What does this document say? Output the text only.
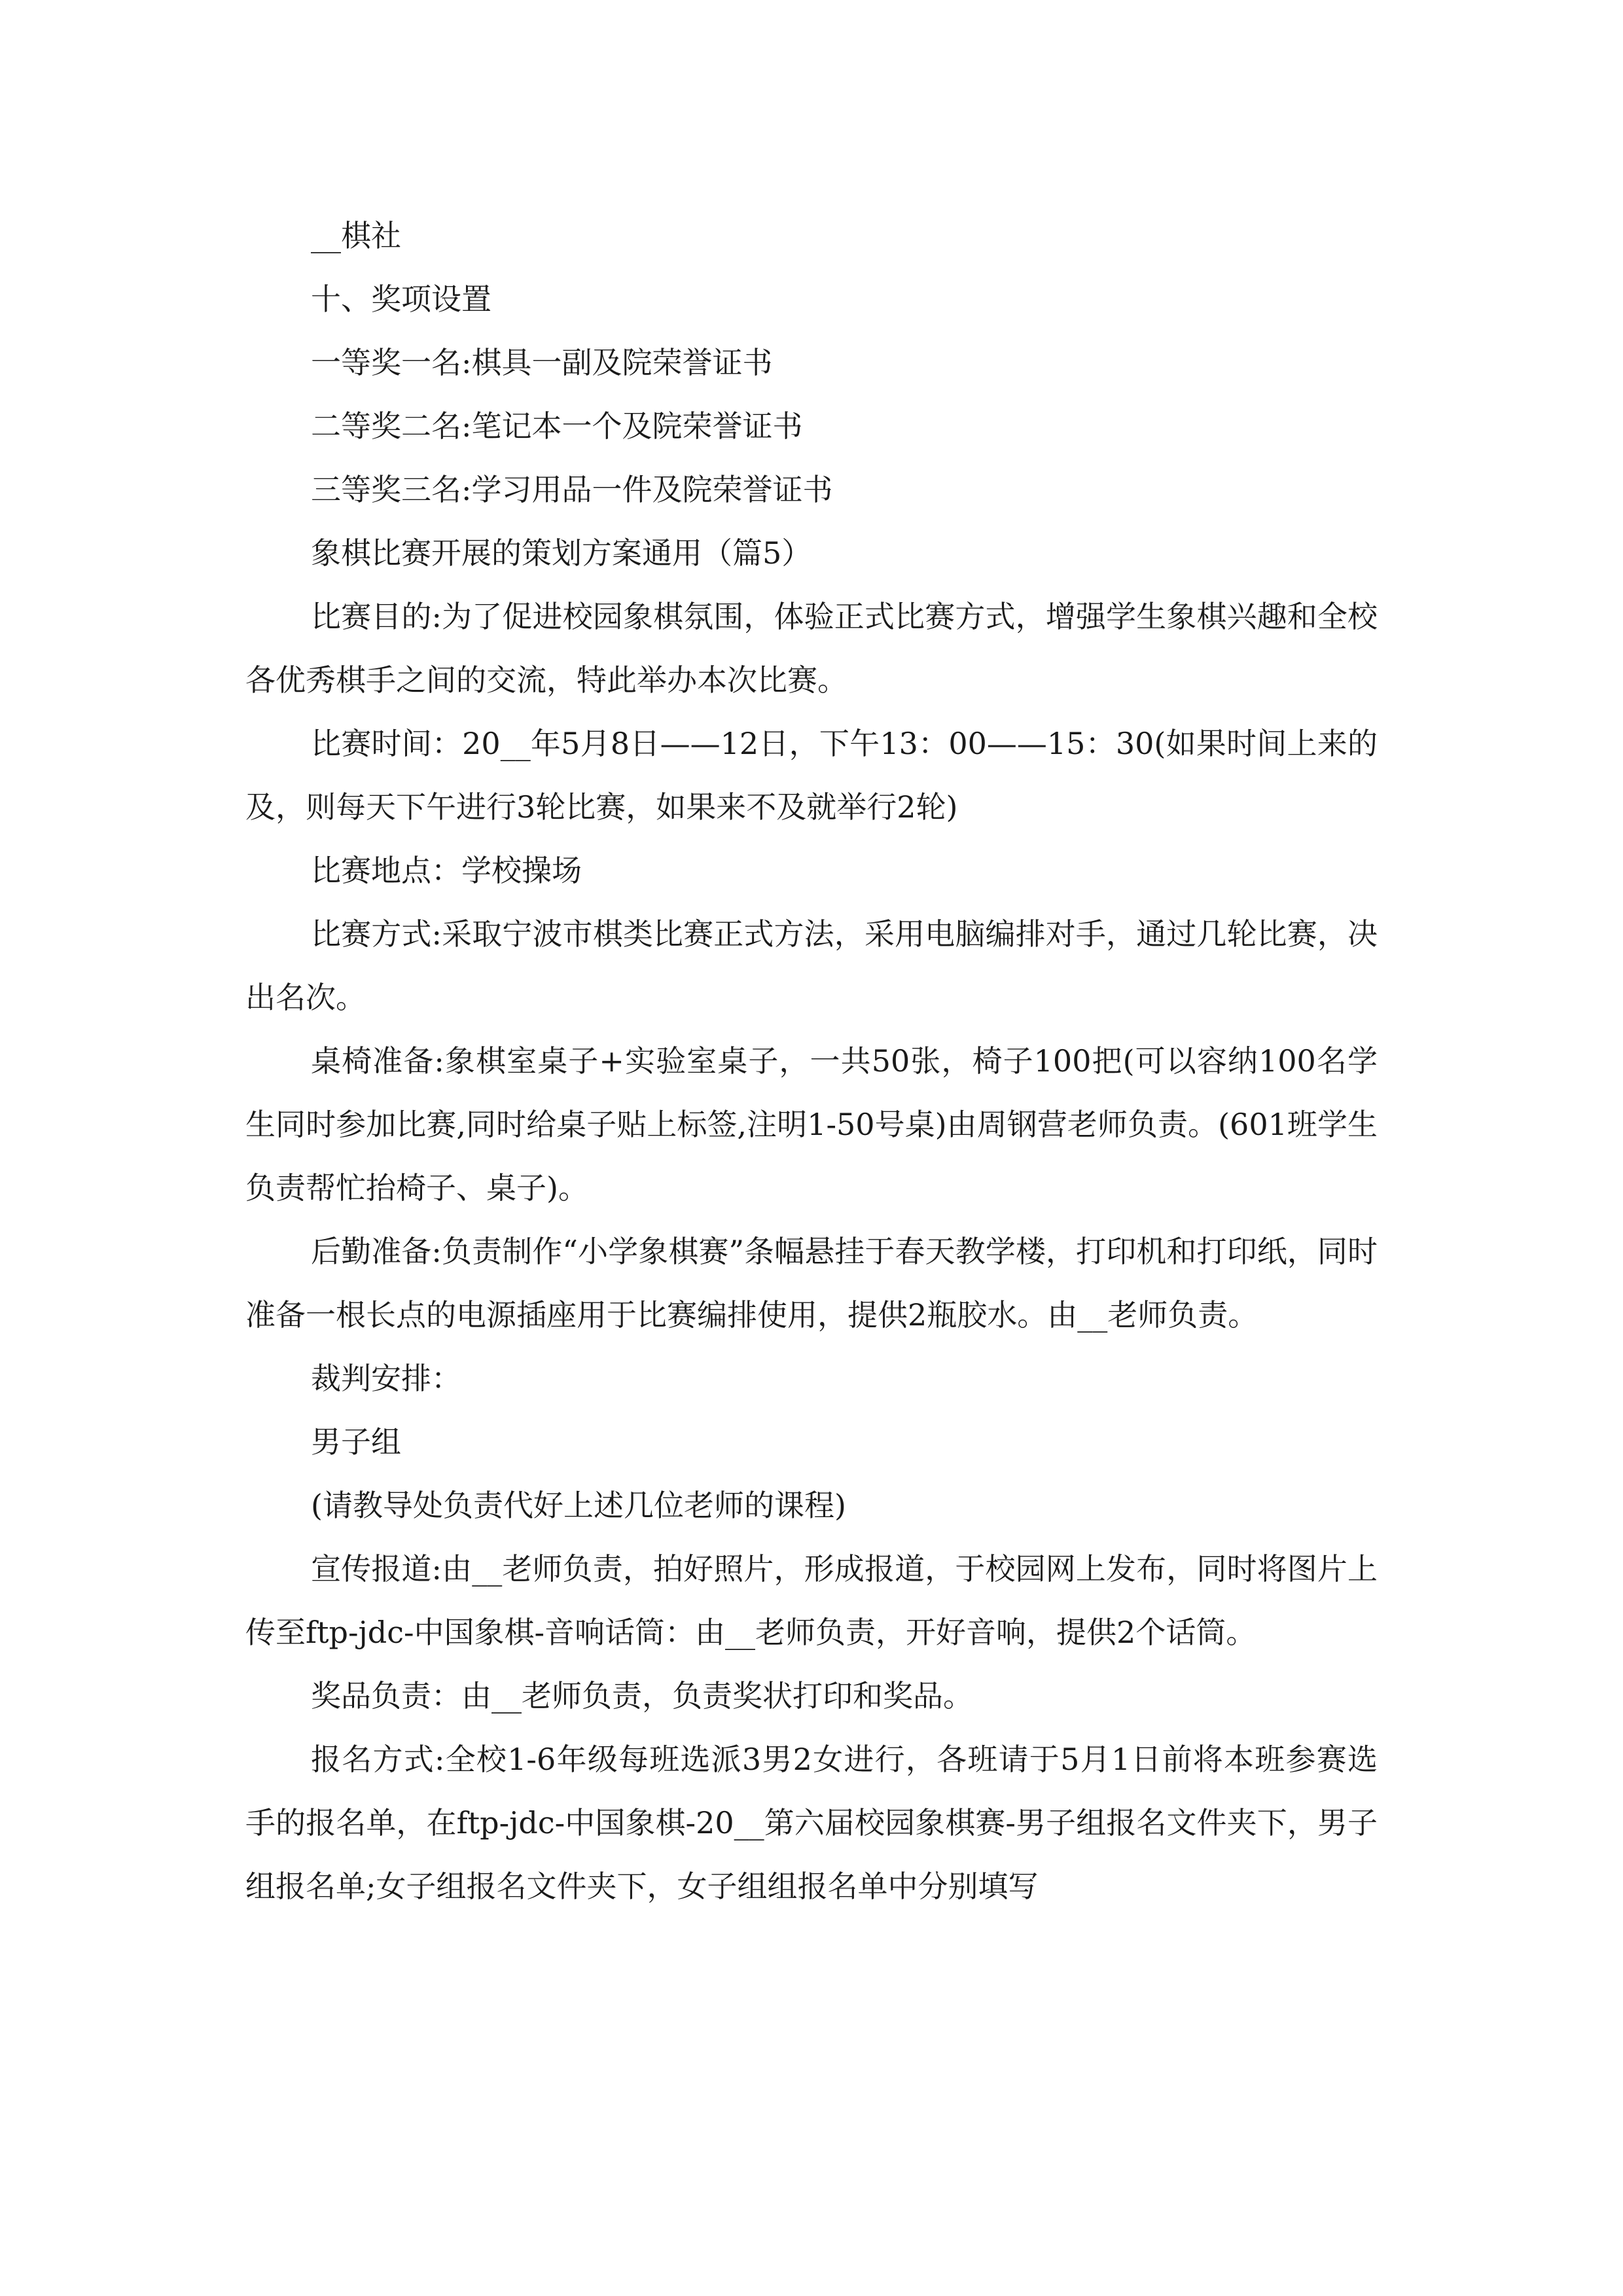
__棋社

十、奖项设置

一等奖一名:棋具一副及院荣誉证书

二等奖二名:笔记本一个及院荣誉证书

三等奖三名:学习用品一件及院荣誉证书

象棋比赛开展的策划方案通用（篇5）

比赛目的:为了促进校园象棋氛围，体验正式比赛方式，增强学生象棋兴趣和全校各优秀棋手之间的交流，特此举办本次比赛。

比赛时间：20__年5月8日——12日，下午13：00——15：30(如果时间上来的及，则每天下午进行3轮比赛，如果来不及就举行2轮)

比赛地点：学校操场

比赛方式:采取宁波市棋类比赛正式方法，采用电脑编排对手，通过几轮比赛，决出名次。

桌椅准备:象棋室桌子+实验室桌子，一共50张，椅子100把(可以容纳100名学生同时参加比赛,同时给桌子贴上标签,注明1-50号桌)由周钢营老师负责。(601班学生负责帮忙抬椅子、桌子)。

后勤准备:负责制作“小学象棋赛”条幅悬挂于春天教学楼，打印机和打印纸，同时准备一根长点的电源插座用于比赛编排使用，提供2瓶胶水。由__老师负责。

裁判安排：

男子组

(请教导处负责代好上述几位老师的课程)

宣传报道:由__老师负责，拍好照片，形成报道，于校园网上发布，同时将图片上传至ftp-jdc-中国象棋-音响话筒：由__老师负责，开好音响，提供2个话筒。

奖品负责：由__老师负责，负责奖状打印和奖品。

报名方式:全校1-6年级每班选派3男2女进行，各班请于5月1日前将本班参赛选手的报名单，在ftp-jdc-中国象棋-20__第六届校园象棋赛-男子组报名文件夹下，男子组报名单;女子组报名文件夹下，女子组组报名单中分别填写
